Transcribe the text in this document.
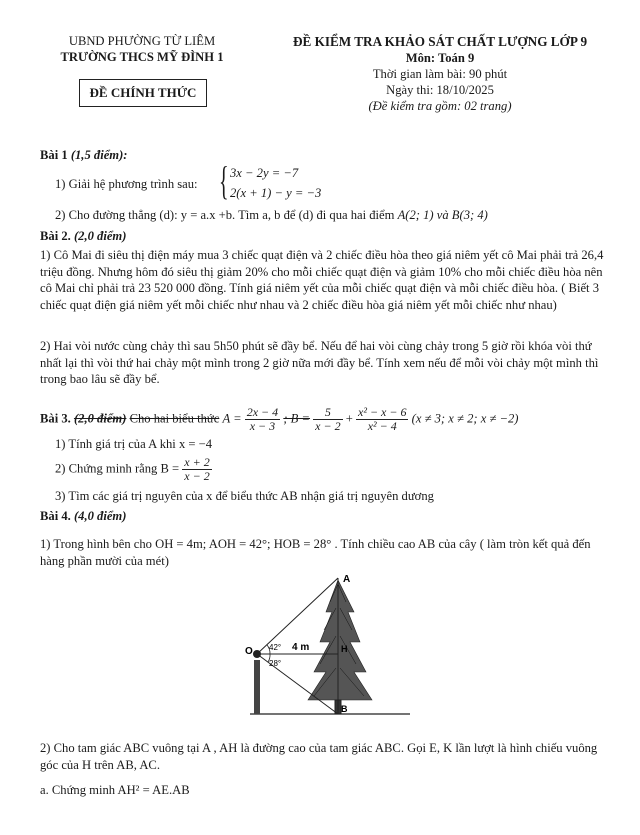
UBND PHƯỜNG TỪ LIÊM
TRƯỜNG THCS MỸ ĐÌNH 1
ĐỀ CHÍNH THỨC
ĐỀ KIỂM TRA KHẢO SÁT CHẤT LƯỢNG LỚP 9
Môn: Toán 9
Thời gian làm bài: 90 phút
Ngày thi: 18/10/2025
(Đề kiểm tra gồm: 02 trang)
Bài 1 (1,5 điểm):
1) Giải hệ phương trình sau: { 3x − 2y = −7
2(x + 1) − y = −3
2) Cho đường thẳng (d): y = a.x +b. Tìm a, b để (d) đi qua hai điểm A(2; 1) và B(3; 4)
Bài 2. (2,0 điểm)
1) Cô Mai đi siêu thị điện máy mua 3 chiếc quạt điện và 2 chiếc điều hòa theo giá niêm yết cô Mai phải trả 26,4 triệu đồng. Nhưng hôm đó siêu thị giảm 20% cho mỗi chiếc quạt điện và giảm 10% cho mỗi chiếc điều hòa nên cô Mai chỉ phải trả 23 520 000 đồng. Tính giá niêm yết của mỗi chiếc quạt điện và mỗi chiếc điều hòa. ( Biết 3 chiếc quạt điện giá niêm yết mỗi chiếc như nhau và 2 chiếc điều hòa giá niêm yết mỗi chiếc như nhau)
2) Hai vòi nước cùng chảy thì sau 5h50 phút sẽ đầy bể. Nếu để hai vòi cùng chảy trong 5 giờ rồi khóa vòi thứ nhất lại thì vòi thứ hai chảy một mình trong 2 giờ nữa mới đầy bể. Tính xem nếu để mỗi vòi chảy một mình thì trong bao lâu sẽ đầy bể.
Bài 3. (2,0 điểm) Cho hai biểu thức $A = \frac{2x - 4}{x - 3}$ ; $B = \frac{5}{x - 2} + \frac{\text{x² − x − 6}}{\text{x² − 4}} (x \ne 3$; x ≠ 2; x ≠ −2)
1) Tính giá trị của A khi x = −4
2) Chứng minh rằng $B = \frac{x + 2}{x - 2}$
3) Tìm các giá trị nguyên của x để biểu thức AB nhận giá trị nguyên dương
Bài 4. (4,0 điểm)
1) Trong hình bên cho OH = 4m; AOH = 42°; HOB = 28° . Tính chiều cao AB của cây ( làm tròn kết quả đến hàng phần mười của mét)
A
O	H
B
42°
28°
4 m
2) Cho tam giác ABC vuông tại A , AH là đường cao của tam giác ABC. Gọi E, K lần lượt là hình chiếu vuông góc của H trên AB, AC.
a. Chứng minh AH² = AE.AB
